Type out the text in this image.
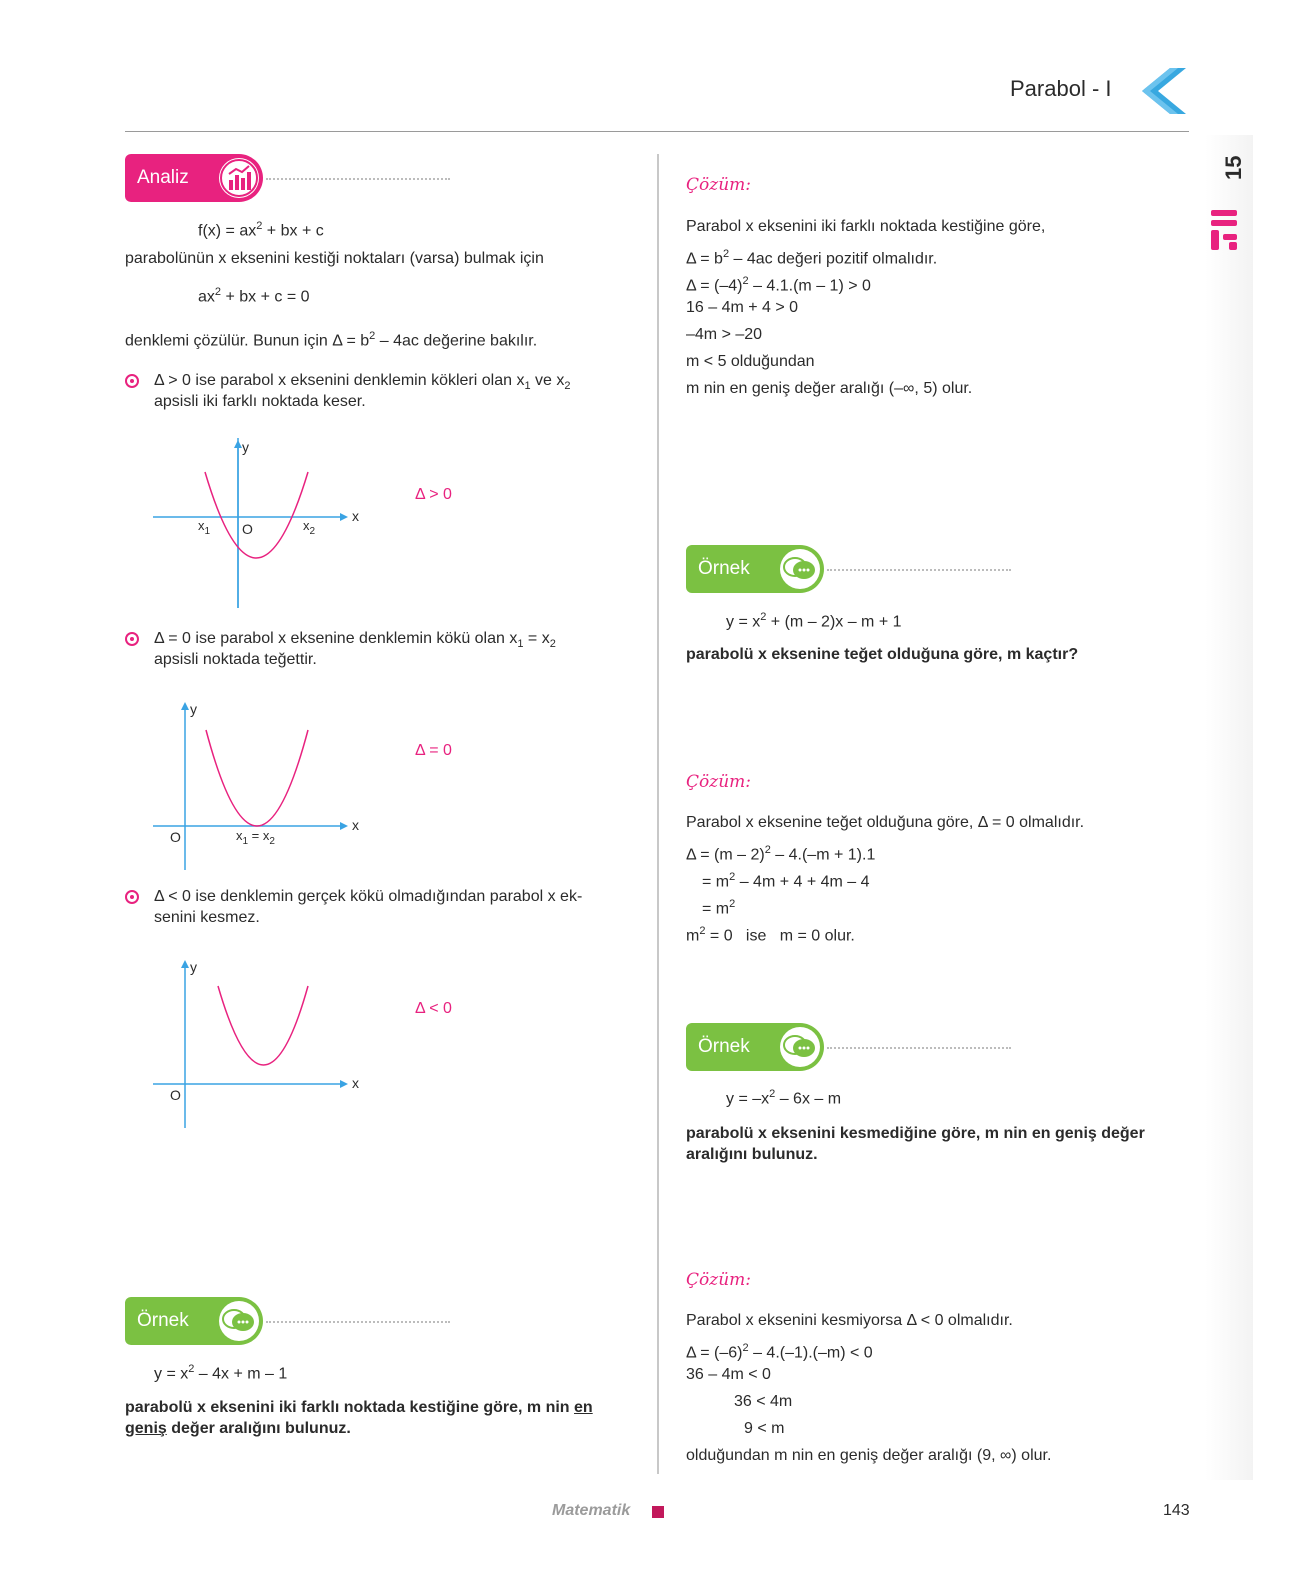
Parabol - I
15
Analiz
$f(x) = ax^2$ + bx + c
parabolünün x eksenini kestiği noktaları (varsa) bulmak için
$ax^2$ + bx + c = 0
denklemi çözülür. Bunun için $\Delta = b^2 - 4ac$ değerine bakılır.
Δ > 0 ise parabol x eksenini denklemin kökleri olan $x_1$ ve $x_2$
apsisli iki farklı noktada keser.
y
x
O
$x_1$	$x_2$
Δ > 0
Δ = 0 ise parabol x eksenine denklemin kökü olan $x_1 = x_2$
apsisli noktada teğettir.
y
x
O	$x_1 = x_2$
Δ = 0
Δ < 0 ise denklemin gerçek kökü olmadığından parabol x ek-
senini kesmez.
y
x
O
Δ < 0
Örnek
$y = x^2 - 4x + m - 1$
parabolü x eksenini iki farklı noktada kestiğine göre, m nin en
geniş değer aralığını bulunuz.
Çözüm:
Parabol x eksenini iki farklı noktada kestiğine göre,
$\Delta = b^2 - 4ac$ değeri pozitif olmalıdır.
$\Delta = (-4)^2 - 4.1.(m - 1) > 0$
16 – 4m + 4 > 0
–4m > –20
m < 5 olduğundan
m nin en geniş değer aralığı (–∞, 5) olur.
Örnek
$y = x^2 + (m - 2)x - m + 1$
parabolü x eksenine teğet olduğuna göre, m kaçtır?
Çözüm:
Parabol x eksenine teğet olduğuna göre, Δ = 0 olmalıdır.
Δ = (m – 2)$^2$ – 4.(–m + 1).1
= $m^2 - 4m + 4 + 4m - 4$
= $m^2$
$m^2 = 0$   ise   m = 0 olur.
Örnek
$y = -x^2 - 6x - m$
parabolü x eksenini kesmediğine göre, m nin en geniş değer
aralığını bulunuz.
Çözüm:
Parabol x eksenini kesmiyorsa Δ < 0 olmalıdır.
$\Delta = (-6)^2 - 4.(-1).(-m) < 0$
36 – 4m < 0
36 < 4m
9 < m
olduğundan m nin en geniş değer aralığı (9, ∞) olur.
Matematik	143
